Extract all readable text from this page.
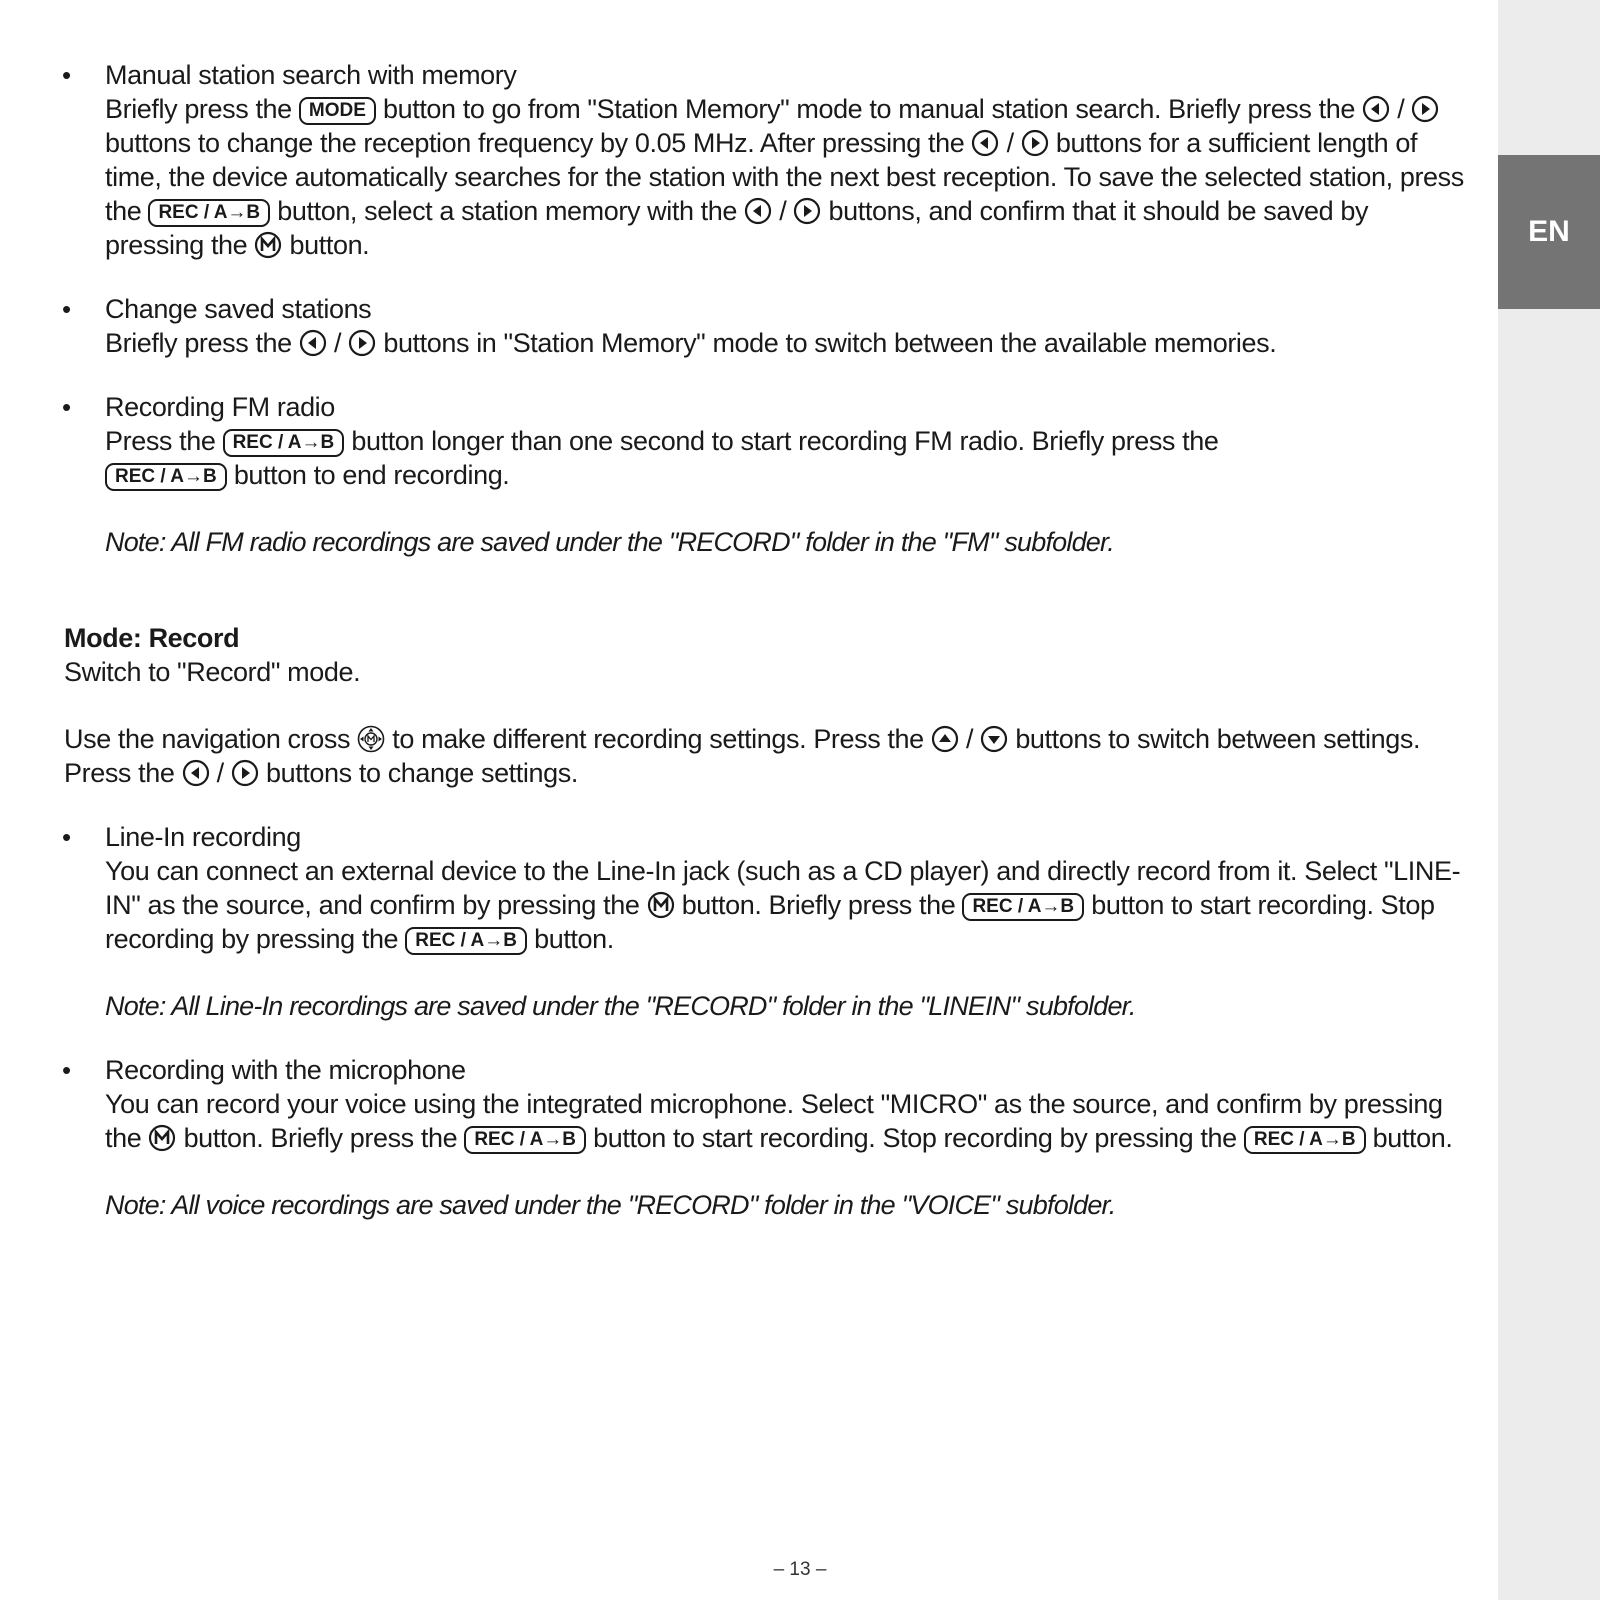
EN
• Manual station search with memory
Briefly press the MODE button to go from "Station Memory" mode to manual station search. Briefly press the /  buttons to change the reception frequency by 0.05 MHz. After pressing the / buttons for a sufficient length of time, the device automatically searches for the station with the next best reception. To save the selected station, press the REC / A→B button, select a station memory with the / buttons, and confirm that it should be saved by pressing the button.
• Change saved stations
Briefly press the / buttons in "Station Memory" mode to switch between the available memories.
• Recording FM radio
Press the REC / A→B button longer than one second to start recording FM radio. Briefly press the
REC / A→B button to end recording.
Note: All FM radio recordings are saved under the "RECORD" folder in the "FM" subfolder.
Mode: Record
Switch to "Record" mode.
Use the navigation cross to make different recording settings. Press the / buttons to switch between settings. Press the / buttons to change settings.
• Line-In recording
You can connect an external device to the Line-In jack (such as a CD player) and directly record from it. Select "LINE-IN" as the source, and confirm by pressing the button. Briefly press the REC / A→B button to start recording. Stop recording by pressing the REC / A→B button.
Note: All Line-In recordings are saved under the "RECORD" folder in the "LINEIN" subfolder.
• Recording with the microphone
You can record your voice using the integrated microphone. Select "MICRO" as the source, and confirm by pressing the button. Briefly press the REC / A→B button to start recording. Stop recording by pressing the REC / A→B button.
Note: All voice recordings are saved under the "RECORD" folder in the "VOICE" subfolder.
– 13 –
